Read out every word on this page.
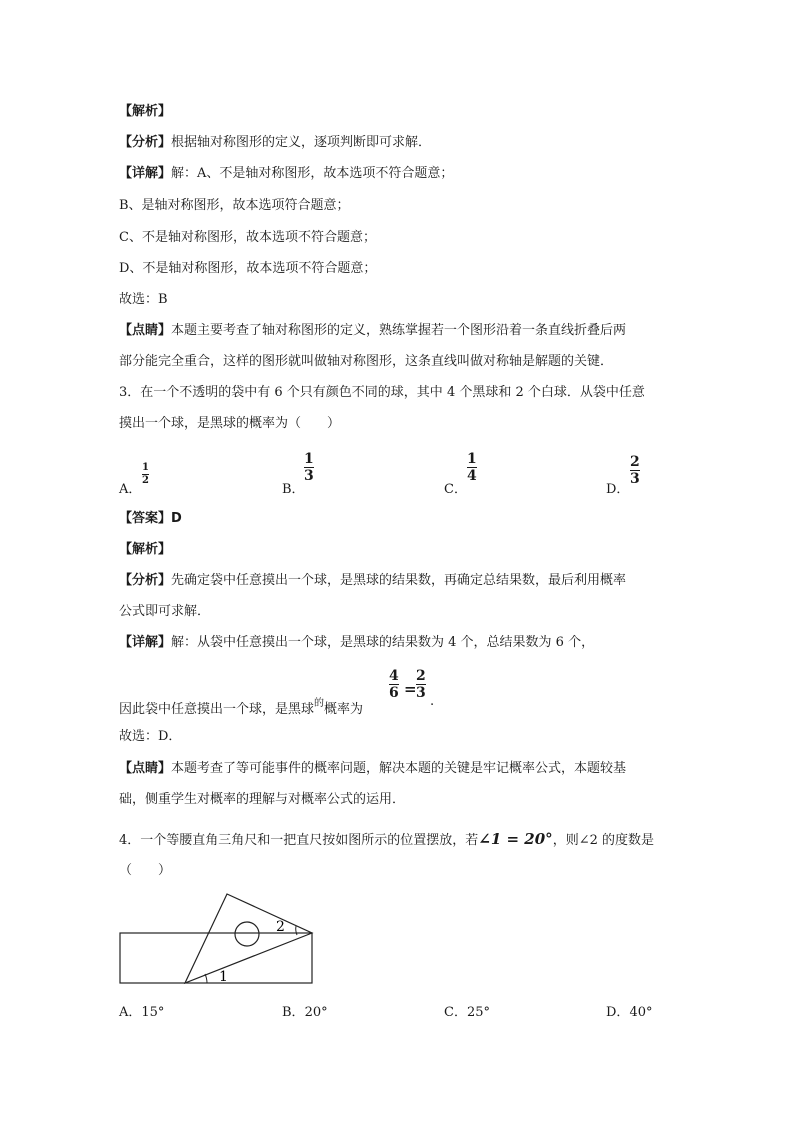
【解析】
【分析】根据轴对称图形的定义，逐项判断即可求解．
【详解】解：A、不是轴对称图形，故本选项不符合题意；
B、是轴对称图形，故本选项符合题意；
C、不是轴对称图形，故本选项不符合题意；
D、不是轴对称图形，故本选项不符合题意；
故选：B
【点睛】本题主要考查了轴对称图形的定义，熟练掌握若一个图形沿着一条直线折叠后两
部分能完全重合，这样的图形就叫做轴对称图形，这条直线叫做对称轴是解题的关键．
3．在一个不透明的袋中有 6 个只有颜色不同的球，其中 4 个黑球和 2 个白球．从袋中任意
摸出一个球，是黑球的概率为（　　）
A．
1
2
B．
1
3
C．
1
4
D．
2
3
【答案】D
【解析】
【分析】先确定袋中任意摸出一个球，是黑球的结果数，再确定总结果数，最后利用概率
公式即可求解．
【详解】解：从袋中任意摸出一个球，是黑球的结果数为 4 个，总结果数为 6 个，
因此袋中任意摸出一个球，是黑球$^的$概率为
4
6 =
2
3
.
故选：D．
【点睛】本题考查了等可能事件的概率问题，解决本题的关键是牢记概率公式，本题较基
础，侧重学生对概率的理解与对概率公式的运用．
4．一个等腰直角三角尺和一把直尺按如图所示的位置摆放，若∠1 = 20°，则∠2 的度数是
（　　）
1
2
A．15°	B．20°	C．25°	D．40°
